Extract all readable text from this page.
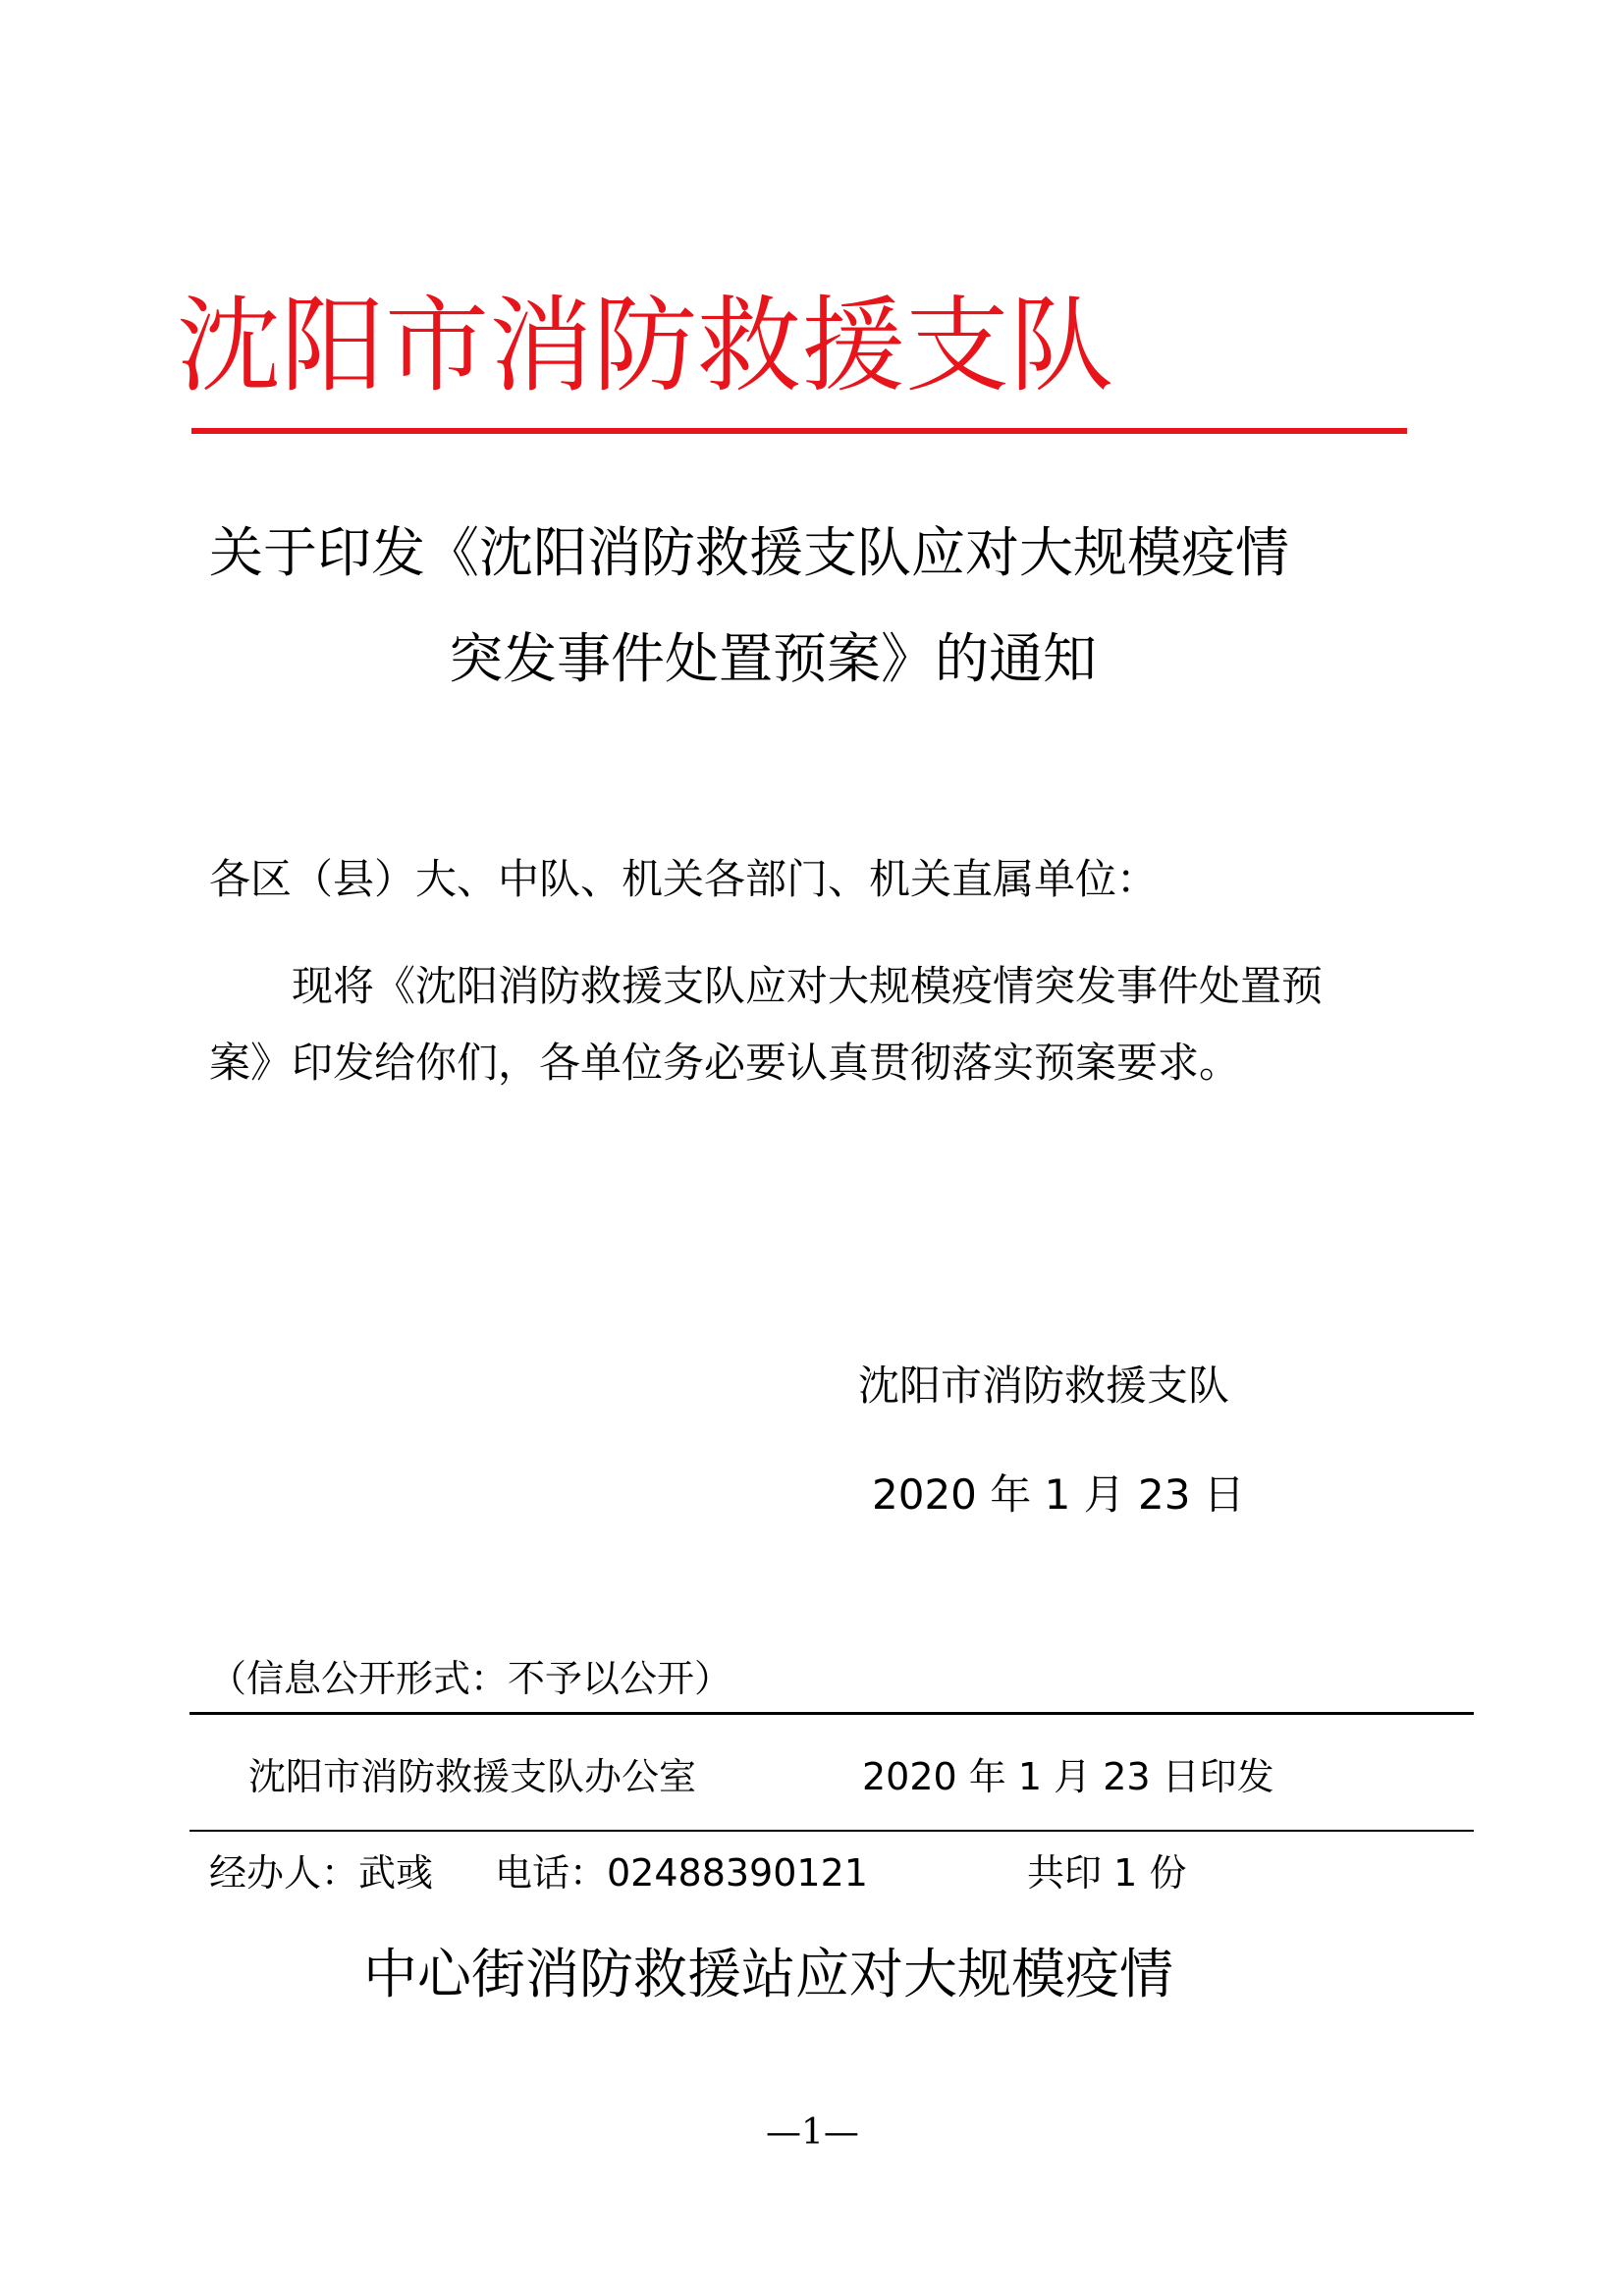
沈阳市消防救援支队
关于印发《沈阳消防救援支队应对大规模疫情
突发事件处置预案》的通知
各区（县）大、中队、机关各部门、机关直属单位：
现将《沈阳消防救援支队应对大规模疫情突发事件处置预
案》印发给你们，各单位务必要认真贯彻落实预案要求。
沈阳市消防救援支队
2020 年 1 月 23 日
（信息公开形式：不予以公开）
沈阳市消防救援支队办公室	2020 年 1 月 23 日印发
经办人：武彧 电话：02488390121	共印 1 份
中心街消防救援站应对大规模疫情
—1—
